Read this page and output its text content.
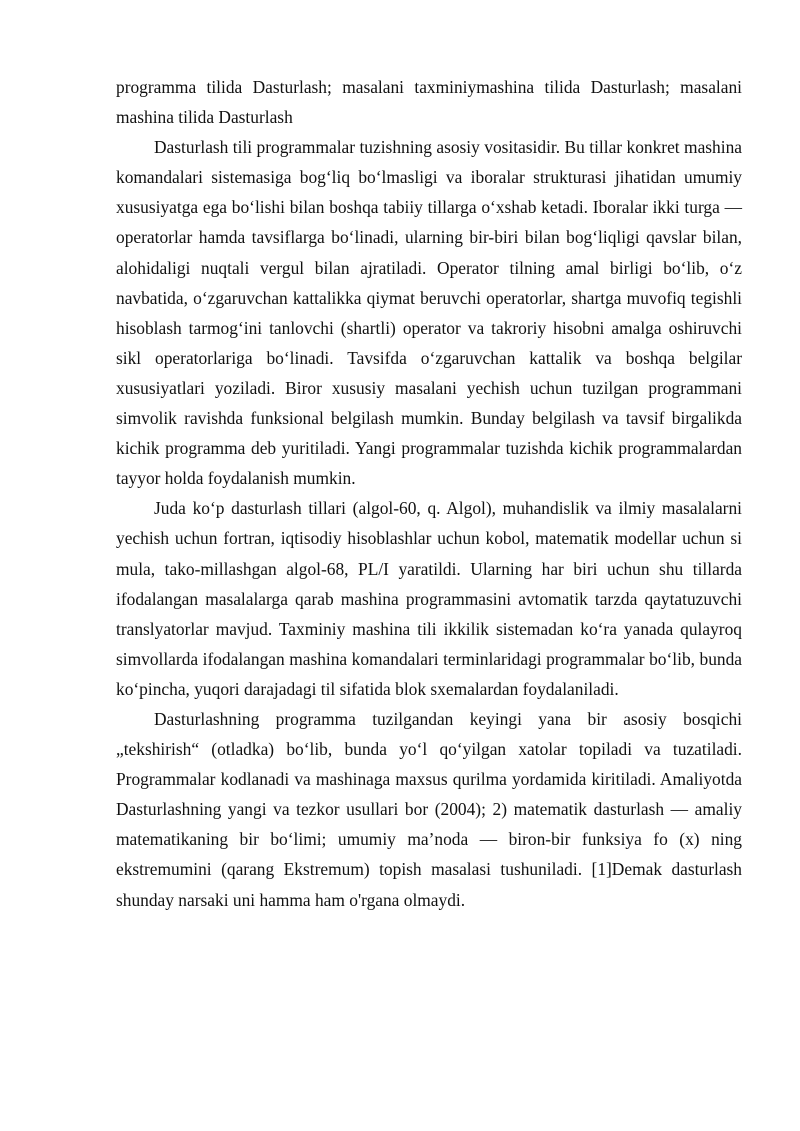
programma tilida Dasturlash; masalani taxminiymashina tilida Dasturlash; masalani mashina tilida Dasturlash

Dasturlash tili programmalar tuzishning asosiy vositasidir. Bu tillar konkret mashina komandalari sistemasiga bog‘liq bo‘lmasligi va iboralar strukturasi jihatidan umumiy xususiyatga ega bo‘lishi bilan boshqa tabiiy tillarga o‘xshab ketadi. Iboralar ikki turga — operatorlar hamda tavsiflarga bo‘linadi, ularning bir-biri bilan bog‘liqligi qavslar bilan, alohidaligi nuqtali vergul bilan ajratiladi. Operator tilning amal birligi bo‘lib, o‘z navbatida, o‘zgaruvchan kattalikka qiymat beruvchi operatorlar, shartga muvofiq tegishli hisoblash tarmog‘ini tanlovchi (shartli) operator va takroriy hisobni amalga oshiruvchi sikl operatorlariga bo‘linadi. Tavsifda o‘zgaruvchan kattalik va boshqa belgilar xususiyatlari yoziladi. Biror xususiy masalani yechish uchun tuzilgan programmani simvolik ravishda funksional belgilash mumkin. Bunday belgilash va tavsif birgalikda kichik programma deb yuritiladi. Yangi programmalar tuzishda kichik programmalardan tayyor holda foydalanish mumkin.

Juda ko‘p dasturlash tillari (algol-60, q. Algol), muhandislik va ilmiy masalalarni yechish uchun fortran, iqtisodiy hisoblashlar uchun kobol, matematik modellar uchun si mula, tako-millashgan algol-68, PL/I yaratildi. Ularning har biri uchun shu tillarda ifodalangan masalalarga qarab mashina programmasini avtomatik tarzda qaytatuzuvchi translyatorlar mavjud. Taxminiy mashina tili ikkilik sistemadan ko‘ra yanada qulayroq simvollarda ifodalangan mashina komandalari terminlaridagi programmalar bo‘lib, bunda ko‘pincha, yuqori darajadagi til sifatida blok sxemalardan foydalaniladi.

Dasturlashning programma tuzilgandan keyingi yana bir asosiy bosqichi „tekshirish“ (otladka) bo‘lib, bunda yo‘l qo‘yilgan xatolar topiladi va tuzatiladi. Programmalar kodlanadi va mashinaga maxsus qurilma yordamida kiritiladi. Amaliyotda Dasturlashning yangi va tezkor usullari bor (2004); 2) matematik dasturlash — amaliy matematikaning bir bo‘limi; umumiy ma’noda — biron-bir funksiya fo (x) ning ekstremumini (qarang Ekstremum) topish masalasi tushuniladi. [1]Demak dasturlash shunday narsaki uni hamma ham o'rgana olmaydi.
